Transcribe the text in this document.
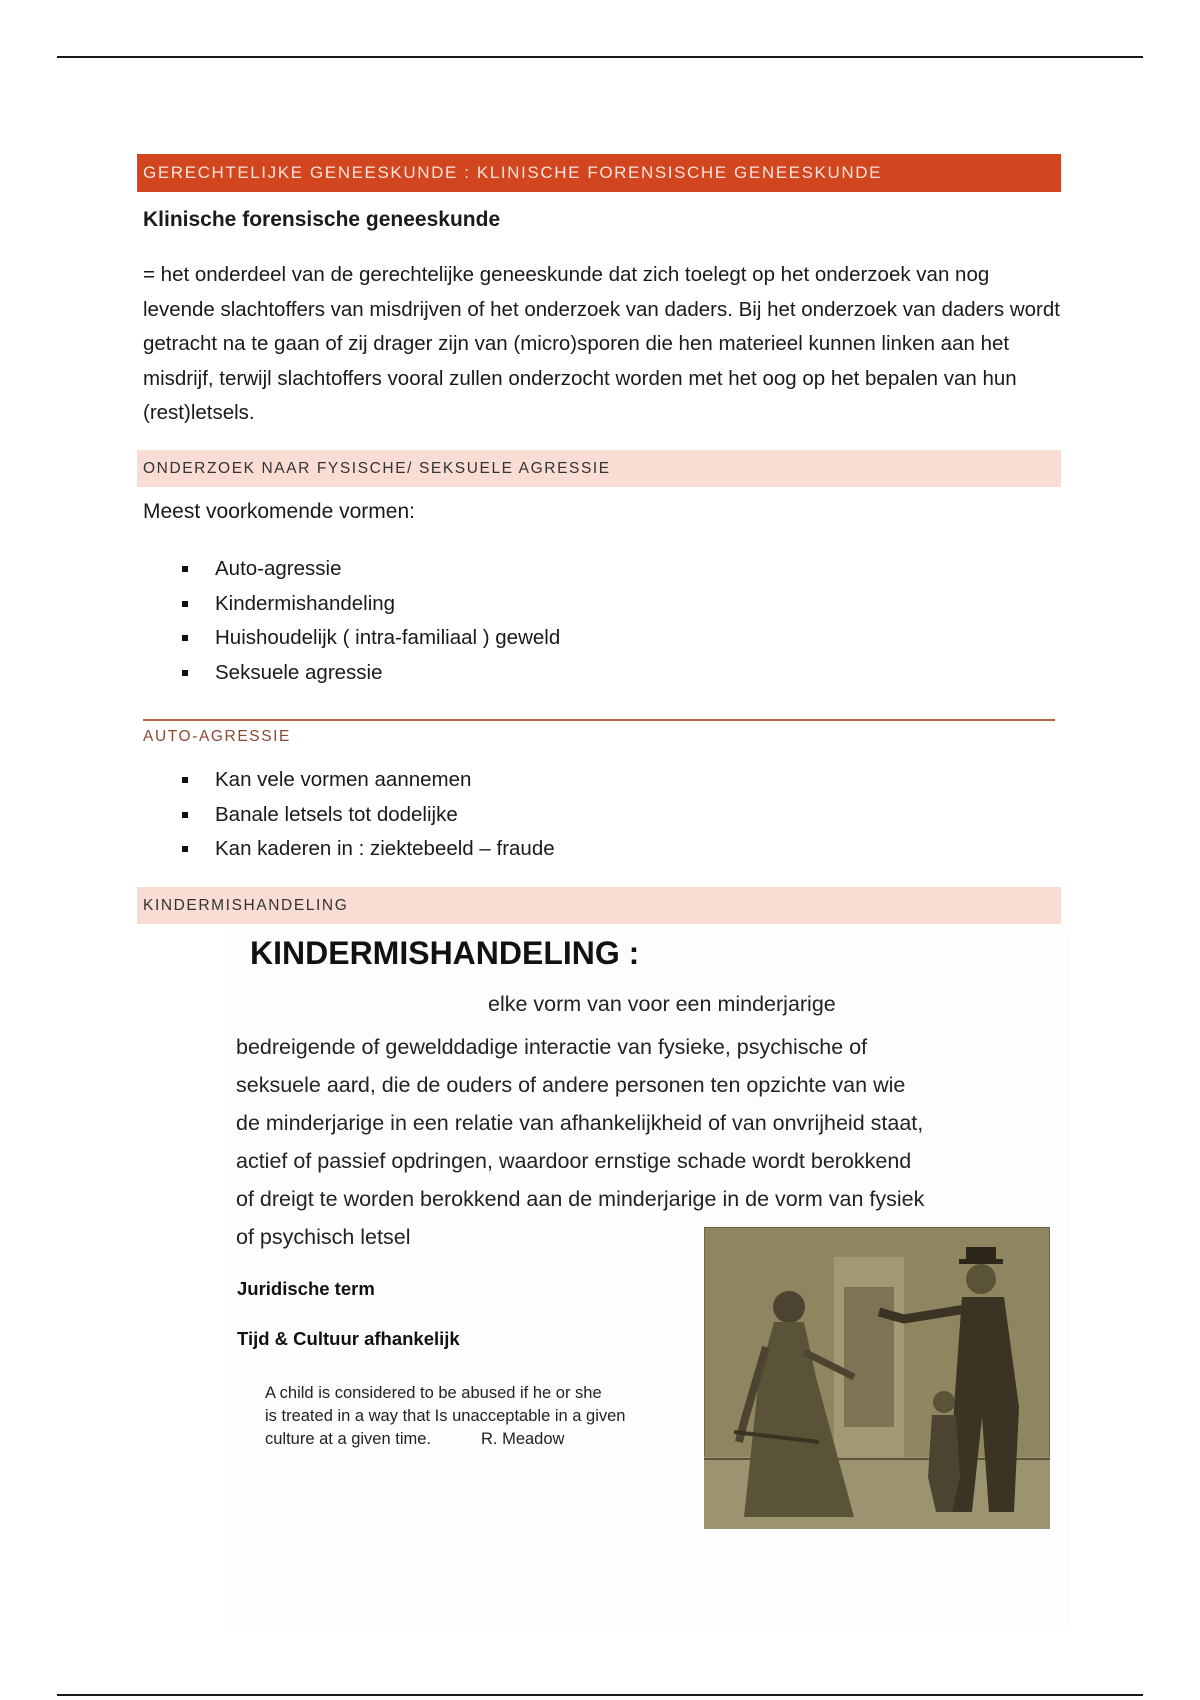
GERECHTELIJKE GENEESKUNDE : KLINISCHE FORENSISCHE GENEESKUNDE
Klinische forensische geneeskunde
= het onderdeel van de gerechtelijke geneeskunde dat zich toelegt op het onderzoek van nog levende slachtoffers van misdrijven of het onderzoek van daders. Bij het onderzoek van daders wordt getracht na te gaan of zij drager zijn van (micro)sporen die hen materieel kunnen linken aan het misdrijf, terwijl slachtoffers vooral zullen onderzocht worden met het oog op het bepalen van hun (rest)letsels.
ONDERZOEK NAAR FYSISCHE/ SEKSUELE AGRESSIE
Meest voorkomende vormen:
Auto-agressie
Kindermishandeling
Huishoudelijk ( intra-familiaal ) geweld
Seksuele agressie
AUTO-AGRESSIE
Kan vele vormen aannemen
Banale letsels tot dodelijke
Kan kaderen in : ziektebeeld – fraude
KINDERMISHANDELING
KINDERMISHANDELING :
elke vorm van voor een minderjarige
bedreigende of gewelddadige interactie van fysieke, psychische of
seksuele aard, die de ouders of andere personen ten opzichte van wie
de minderjarige in een relatie van afhankelijkheid of van onvrijheid staat,
actief of passief opdringen, waardoor ernstige schade wordt berokkend
of dreigt te worden berokkend aan de minderjarige in de vorm van fysiek
of psychisch letsel
Juridische term
Tijd & Cultuur afhankelijk
A child is considered to be abused if he or she
is treated in a way that Is unacceptable in a given
culture at a given time.	R. Meadow
